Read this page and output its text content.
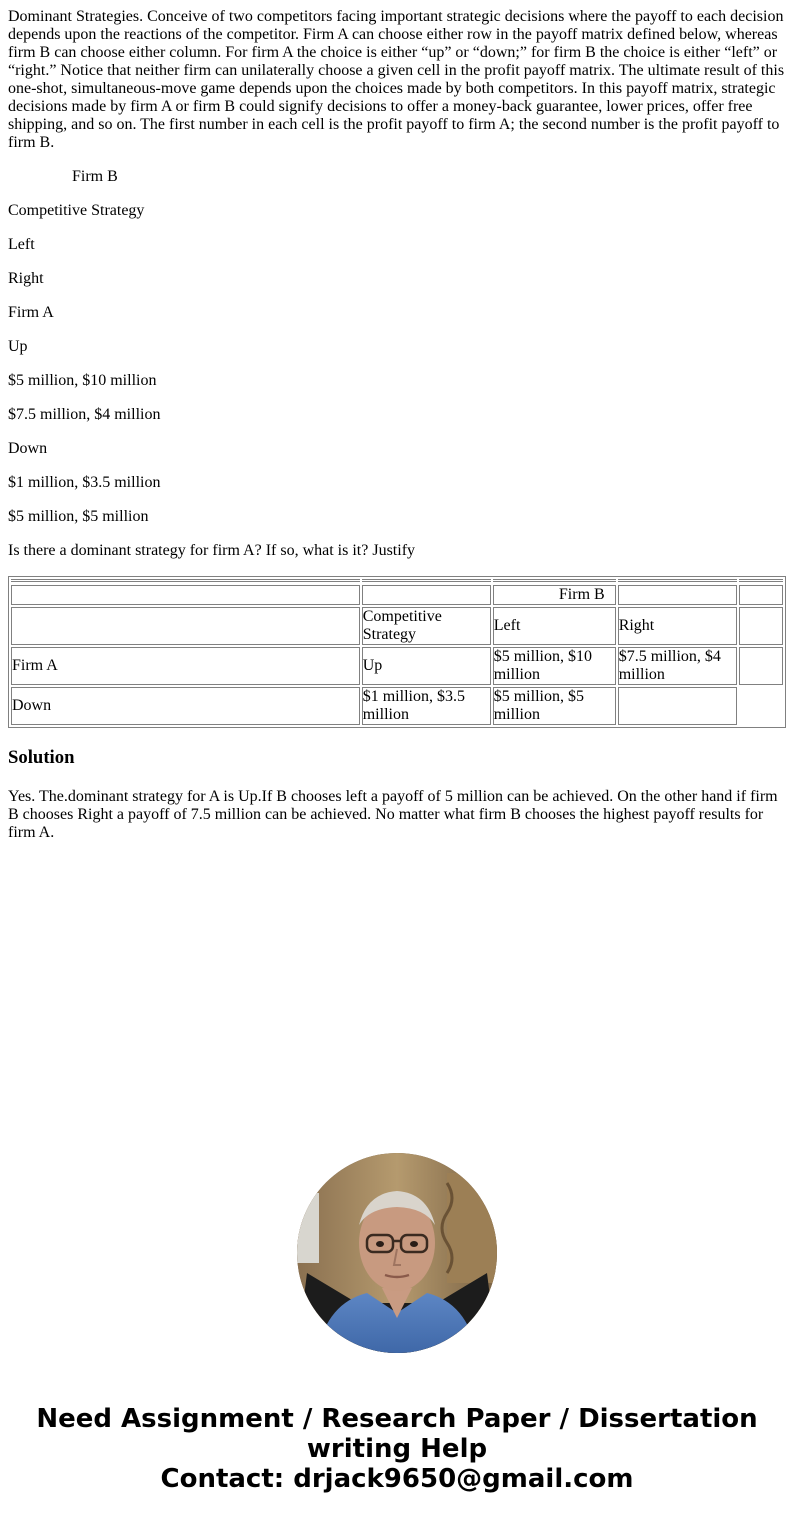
Dominant Strategies. Conceive of two competitors facing important strategic decisions where the payoff to each decision depends upon the reactions of the competitor. Firm A can choose either row in the payoff matrix defined below, whereas firm B can choose either column. For firm A the choice is either “up” or “down;” for firm B the choice is either “left” or “right.” Notice that neither firm can unilaterally choose a given cell in the profit payoff matrix. The ultimate result of this one-shot, simultaneous-move game depends upon the choices made by both competitors. In this payoff matrix, strategic decisions made by firm A or firm B could signify decisions to offer a money-back guarantee, lower prices, offer free shipping, and so on. The first number in each cell is the profit payoff to firm A; the second number is the profit payoff to firm B.

Firm B

Competitive Strategy

Left

Right

Firm A

Up

$5 million, $10 million

$7.5 million, $4 million

Down

$1 million, $3.5 million

$5 million, $5 million

Is there a dominant strategy for firm A? If so, what is it? Justify

		Firm B		
	Competitive Strategy	Left	Right	
Firm A	Up	$5 million, $10 million	$7.5 million, $4 million	
Down	$1 million, $3.5 million	$5 million, $5 million		
Solution

Yes. The.dominant strategy for A is Up.If B chooses left a payoff of 5 million can be achieved. On the other hand if firm B chooses Right a payoff of 7.5 million can be achieved. No matter what firm B chooses the highest payoff results for firm A.

Need Assignment / Research Paper / Dissertation
writing Help
Contact: drjack9650@gmail.com
